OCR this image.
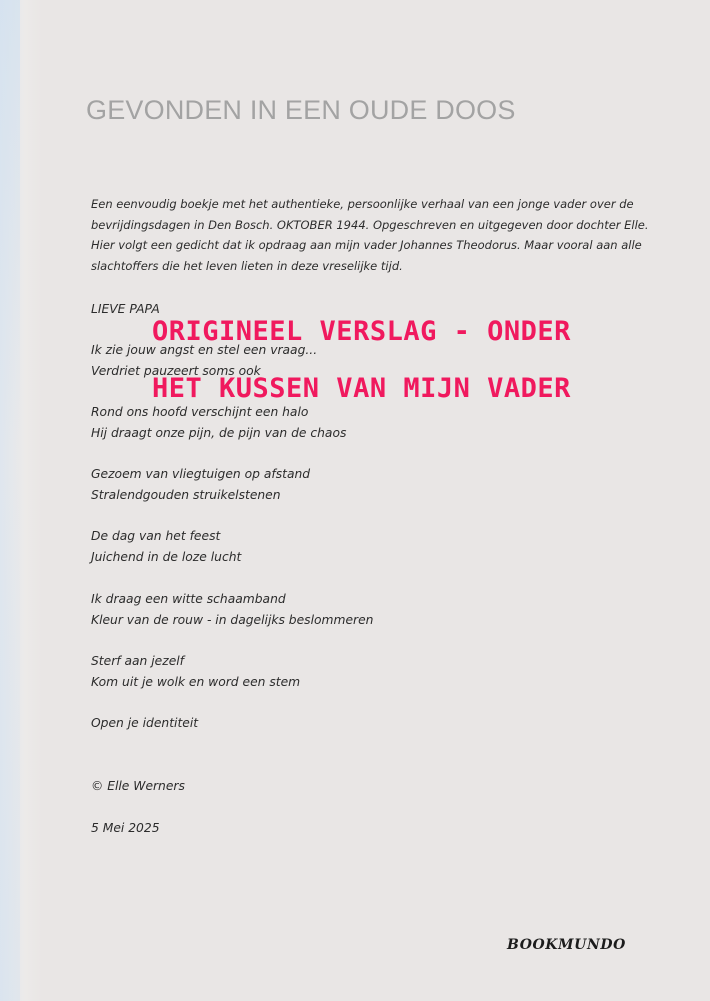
GEVONDEN IN EEN OUDE DOOS

Een eenvoudig boekje met het authentieke, persoonlijke verhaal van een jonge vader over de bevrijdingsdagen in Den Bosch. OKTOBER 1944. Opgeschreven en uitgegeven door dochter Elle. Hier volgt een gedicht dat ik opdraag aan mijn vader Johannes Theodorus. Maar vooral aan alle slachtoffers die het leven lieten in deze vreselijke tijd.

LIEVE PAPA

Ik zie jouw angst en stel een vraag...

Verdriet pauzeert soms ook

Rond ons hoofd verschijnt een halo

Hij draagt onze pijn, de pijn van de chaos

Gezoem van vliegtuigen op afstand

Stralendgouden struikelstenen

De dag van het feest

Juichend in de loze lucht

Ik draag een witte schaamband

Kleur van de rouw - in dagelijks beslommeren

Sterf aan jezelf

Kom uit je wolk en word een stem

Open je identiteit

ORIGINEEL VERSLAG - ONDER

HET KUSSEN VAN MIJN VADER

© Elle Werners

5 Mei 2025

BOOKMUNDO
